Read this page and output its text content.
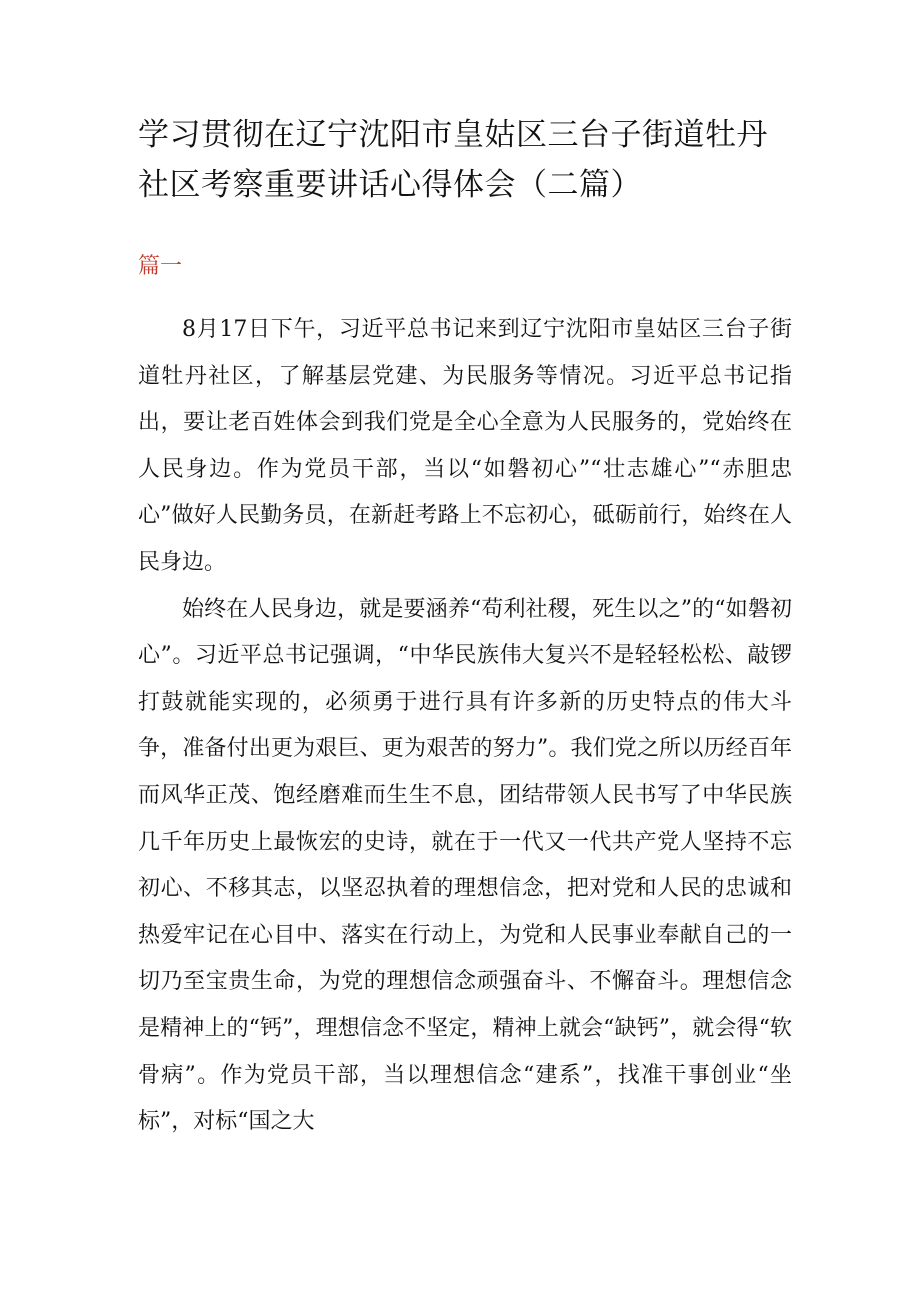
学习贯彻在辽宁沈阳市皇姑区三台子街道牡丹社区考察重要讲话心得体会（二篇）
篇一

8月17日下午，习近平总书记来到辽宁沈阳市皇姑区三台子街道牡丹社区，了解基层党建、为民服务等情况。习近平总书记指出，要让老百姓体会到我们党是全心全意为人民服务的，党始终在人民身边。作为党员干部，当以“如磐初心”“壮志雄心”“赤胆忠心”做好人民勤务员，在新赶考路上不忘初心，砥砺前行，始终在人民身边。

始终在人民身边，就是要涵养“苟利社稷，死生以之”的“如磐初心”。习近平总书记强调，“中华民族伟大复兴不是轻轻松松、敲锣打鼓就能实现的，必须勇于进行具有许多新的历史特点的伟大斗争，准备付出更为艰巨、更为艰苦的努力”。我们党之所以历经百年而风华正茂、饱经磨难而生生不息，团结带领人民书写了中华民族几千年历史上最恢宏的史诗，就在于一代又一代共产党人坚持不忘初心、不移其志，以坚忍执着的理想信念，把对党和人民的忠诚和热爱牢记在心目中、落实在行动上，为党和人民事业奉献自己的一切乃至宝贵生命，为党的理想信念顽强奋斗、不懈奋斗。理想信念是精神上的“钙”，理想信念不坚定，精神上就会“缺钙”，就会得“软骨病”。作为党员干部，当以理想信念“建系”，找准干事创业“坐标”，对标“国之大
